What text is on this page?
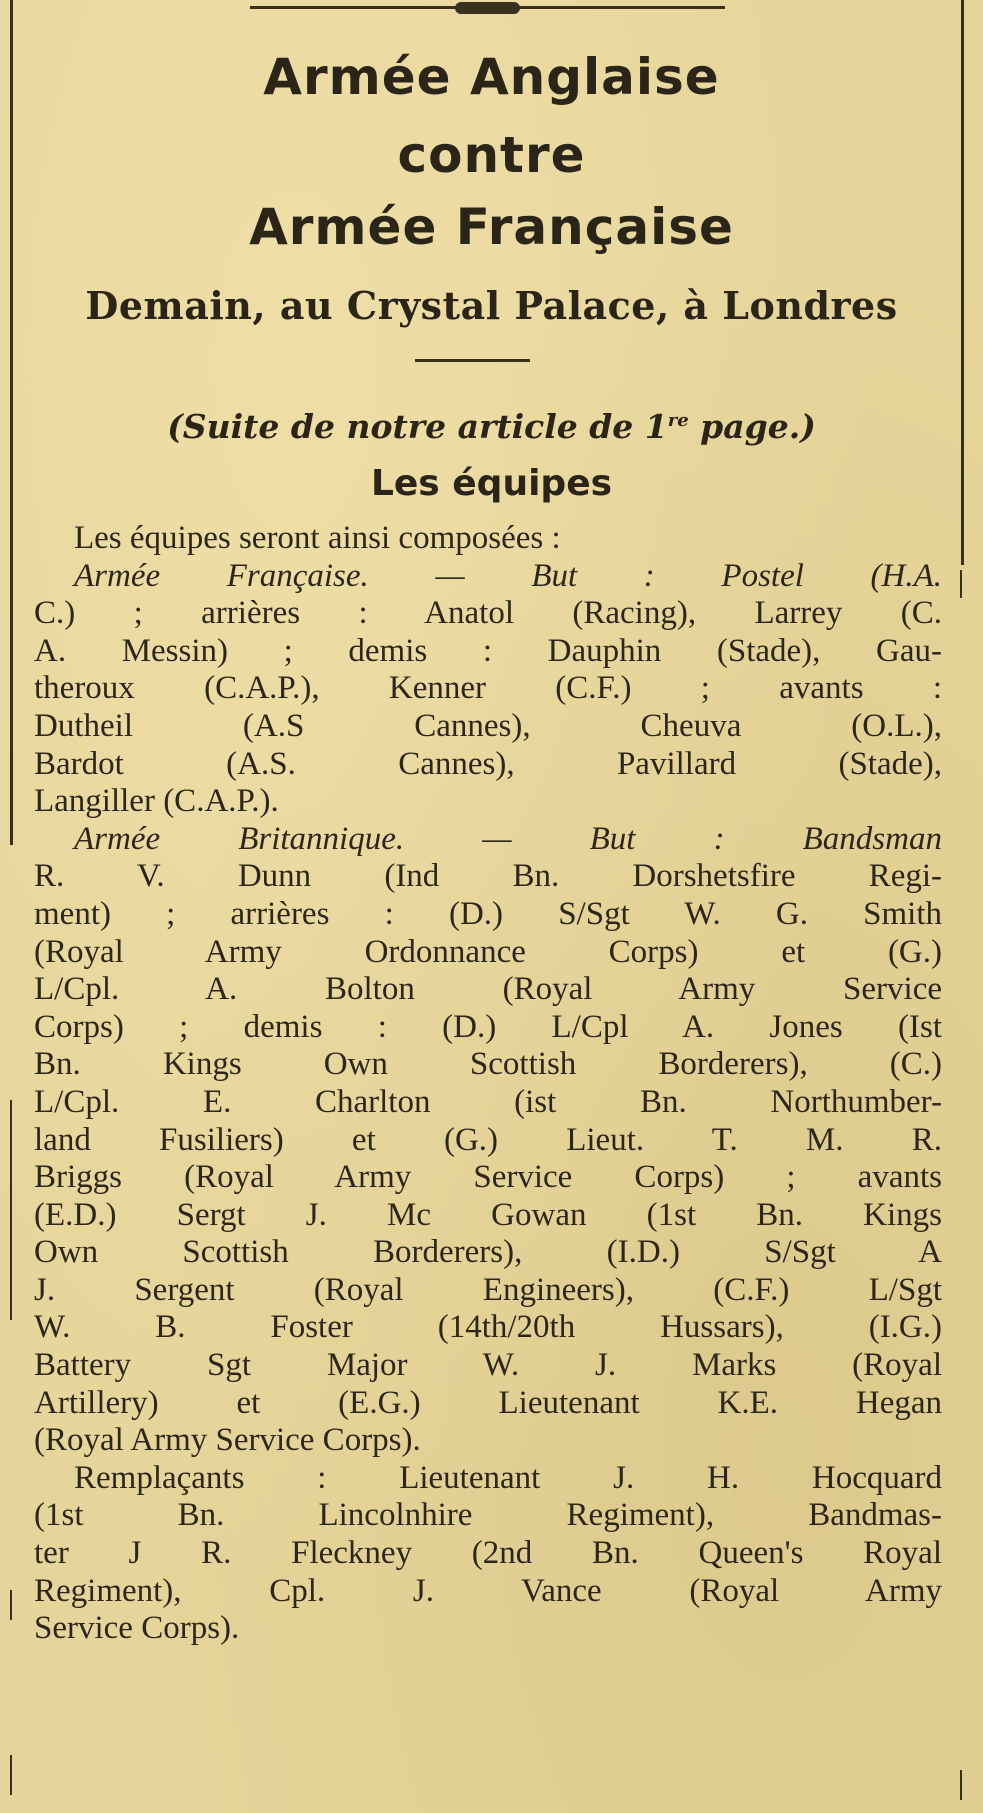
Armée Anglaise
contre
Armée Française
Demain, au Crystal Palace, à Londres
(Suite de notre article de 1re page.)
Les équipes
Les équipes seront ainsi composées :
Armée Française. — But : Postel (H.A.
C.) ; arrières : Anatol (Racing), Larrey (C.
A. Messin) ; demis : Dauphin (Stade), Gau-
theroux (C.A.P.), Kenner (C.F.) ; avants :
Dutheil (A.S Cannes), Cheuva (O.L.),
Bardot (A.S. Cannes), Pavillard (Stade),
Langiller (C.A.P.).
Armée Britannique. — But : Bandsman
R. V. Dunn (Ind Bn. Dorshetsfire Regi-
ment) ; arrières : (D.) S/Sgt W. G. Smith
(Royal Army Ordonnance Corps) et (G.)
L/Cpl. A. Bolton (Royal Army Service
Corps) ; demis : (D.) L/Cpl A. Jones (Ist
Bn. Kings Own Scottish Borderers), (C.)
L/Cpl. E. Charlton (ist Bn. Northumber-
land Fusiliers) et (G.) Lieut. T. M. R.
Briggs (Royal Army Service Corps) ; avants
(E.D.) Sergt J. Mc Gowan (1st Bn. Kings
Own Scottish Borderers), (I.D.) S/Sgt A
J. Sergent (Royal Engineers), (C.F.) L/Sgt
W. B. Foster (14th/20th Hussars), (I.G.)
Battery Sgt Major W. J. Marks (Royal
Artillery) et (E.G.) Lieutenant K.E. Hegan
(Royal Army Service Corps).
Remplaçants : Lieutenant J. H. Hocquard
(1st Bn. Lincolnhire Regiment), Bandmas-
ter J R. Fleckney (2nd Bn. Queen's Royal
Regiment), Cpl. J. Vance (Royal Army
Service Corps).
